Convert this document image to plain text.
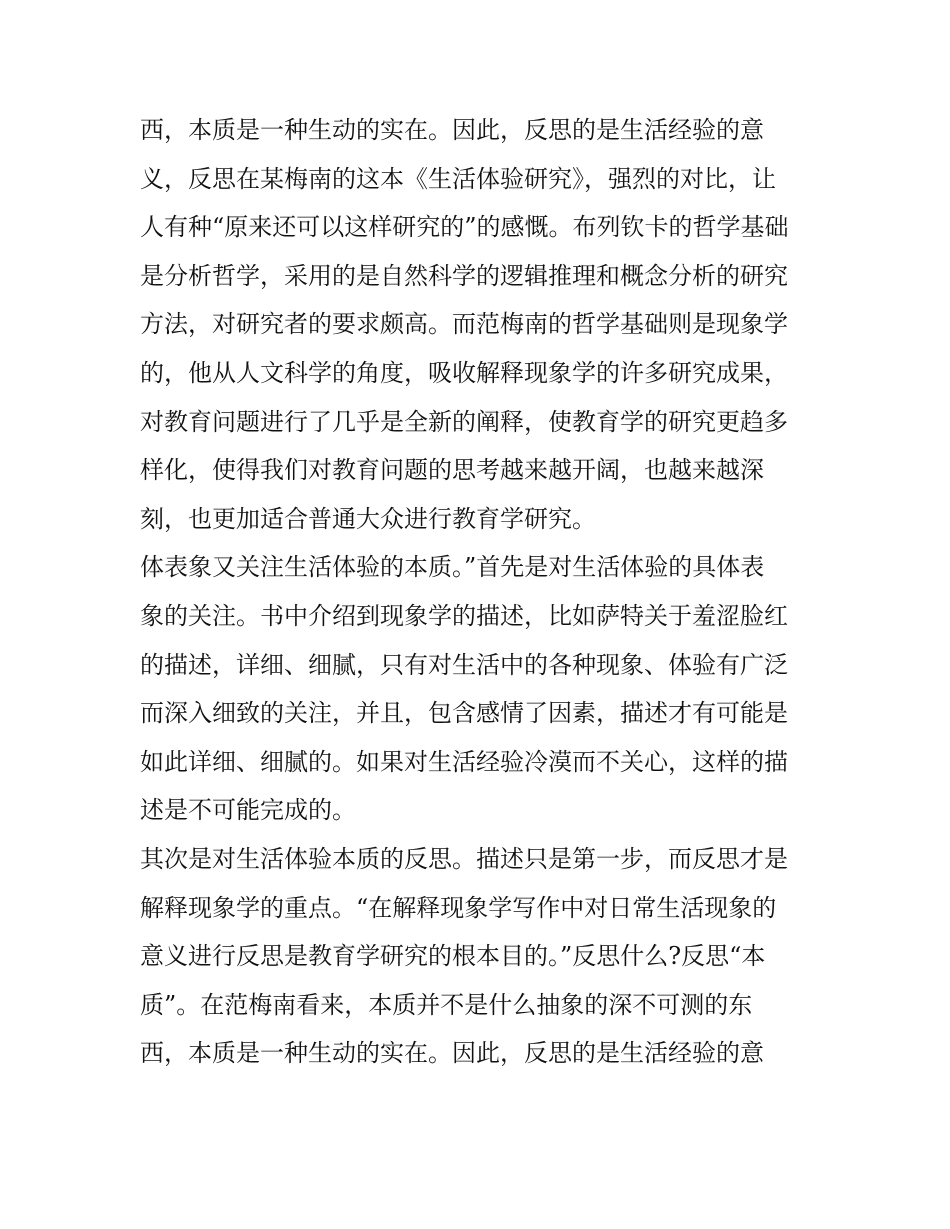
西，本质是一种生动的实在。因此，反思的是生活经验的意
义，反思在某梅南的这本《生活体验研究》，强烈的对比，让
人有种“原来还可以这样研究的”的感慨。布列钦卡的哲学基础
是分析哲学，采用的是自然科学的逻辑推理和概念分析的研究
方法，对研究者的要求颇高。而范梅南的哲学基础则是现象学
的，他从人文科学的角度，吸收解释现象学的许多研究成果，
对教育问题进行了几乎是全新的阐释，使教育学的研究更趋多
样化，使得我们对教育问题的思考越来越开阔，也越来越深
刻，也更加适合普通大众进行教育学研究。
体表象又关注生活体验的本质。”首先是对生活体验的具体表
象的关注。书中介绍到现象学的描述，比如萨特关于羞涩脸红
的描述，详细、细腻，只有对生活中的各种现象、体验有广泛
而深入细致的关注，并且，包含感情了因素，描述才有可能是
如此详细、细腻的。如果对生活经验冷漠而不关心，这样的描
述是不可能完成的。
其次是对生活体验本质的反思。描述只是第一步，而反思才是
解释现象学的重点。“在解释现象学写作中对日常生活现象的
意义进行反思是教育学研究的根本目的。”反思什么?反思“本
质”。在范梅南看来，本质并不是什么抽象的深不可测的东
西，本质是一种生动的实在。因此，反思的是生活经验的意
